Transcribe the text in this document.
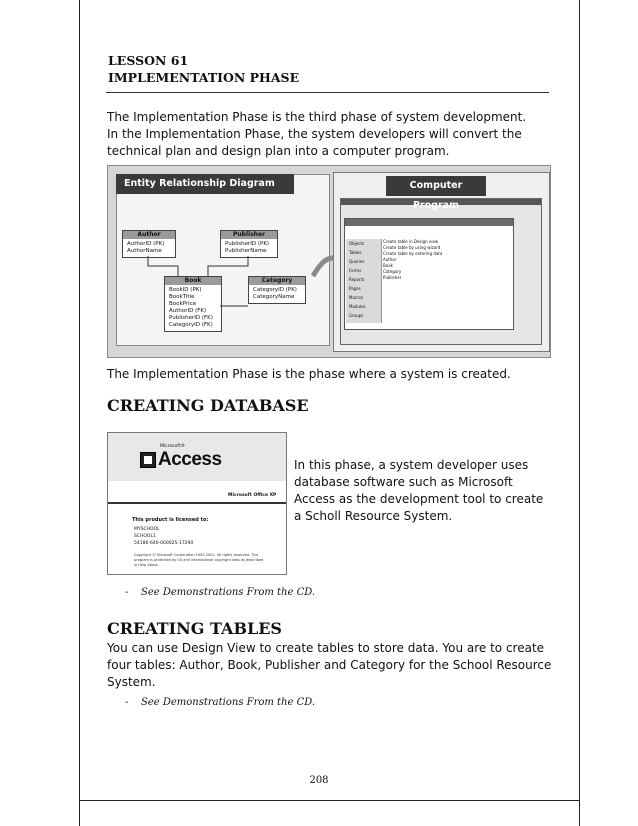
LESSON 61
IMPLEMENTATION PHASE
The Implementation Phase is the third phase of system development.
In the Implementation Phase, the system developers will convert the technical plan and design plan into a computer program.
Entity Relationship Diagram
Author
AuthorID (PK)
AuthorName
Publisher
PublisherID (PK)
PublisherName
Book
BookID (PK)
BookTitle
BookPrice
AuthorID (FK)
PublisherID (FK)
CategoryID (FK)
Category
CategoryID (PK)
CategoryName
Computer Program
Objects
Tables
Queries
Forms
Reports
Pages
Macros
Modules
Groups
Create table in Design view
Create table by using wizard
Create table by entering data
Author
Book
Category
Publisher
The Implementation Phase is the phase where a system is created.
CREATING DATABASE
Microsoft®
Access
Microsoft Office XP
This product is licensed to:
MYSCHOOL
SCHOOL1
54186-640-000025-17290
Copyright © Microsoft Corporation 1992-2001. All rights reserved. This program is protected by US and international copyright laws as described in Help About.
In this phase, a system developer uses database software such as Microsoft Access as the development tool to create a Scholl Resource System.
- See Demonstrations From the CD.
CREATING TABLES
You can use Design View to create tables to store data. You are to create four tables: Author, Book, Publisher and Category for the School Resource System.
- See Demonstrations From the CD.
208
